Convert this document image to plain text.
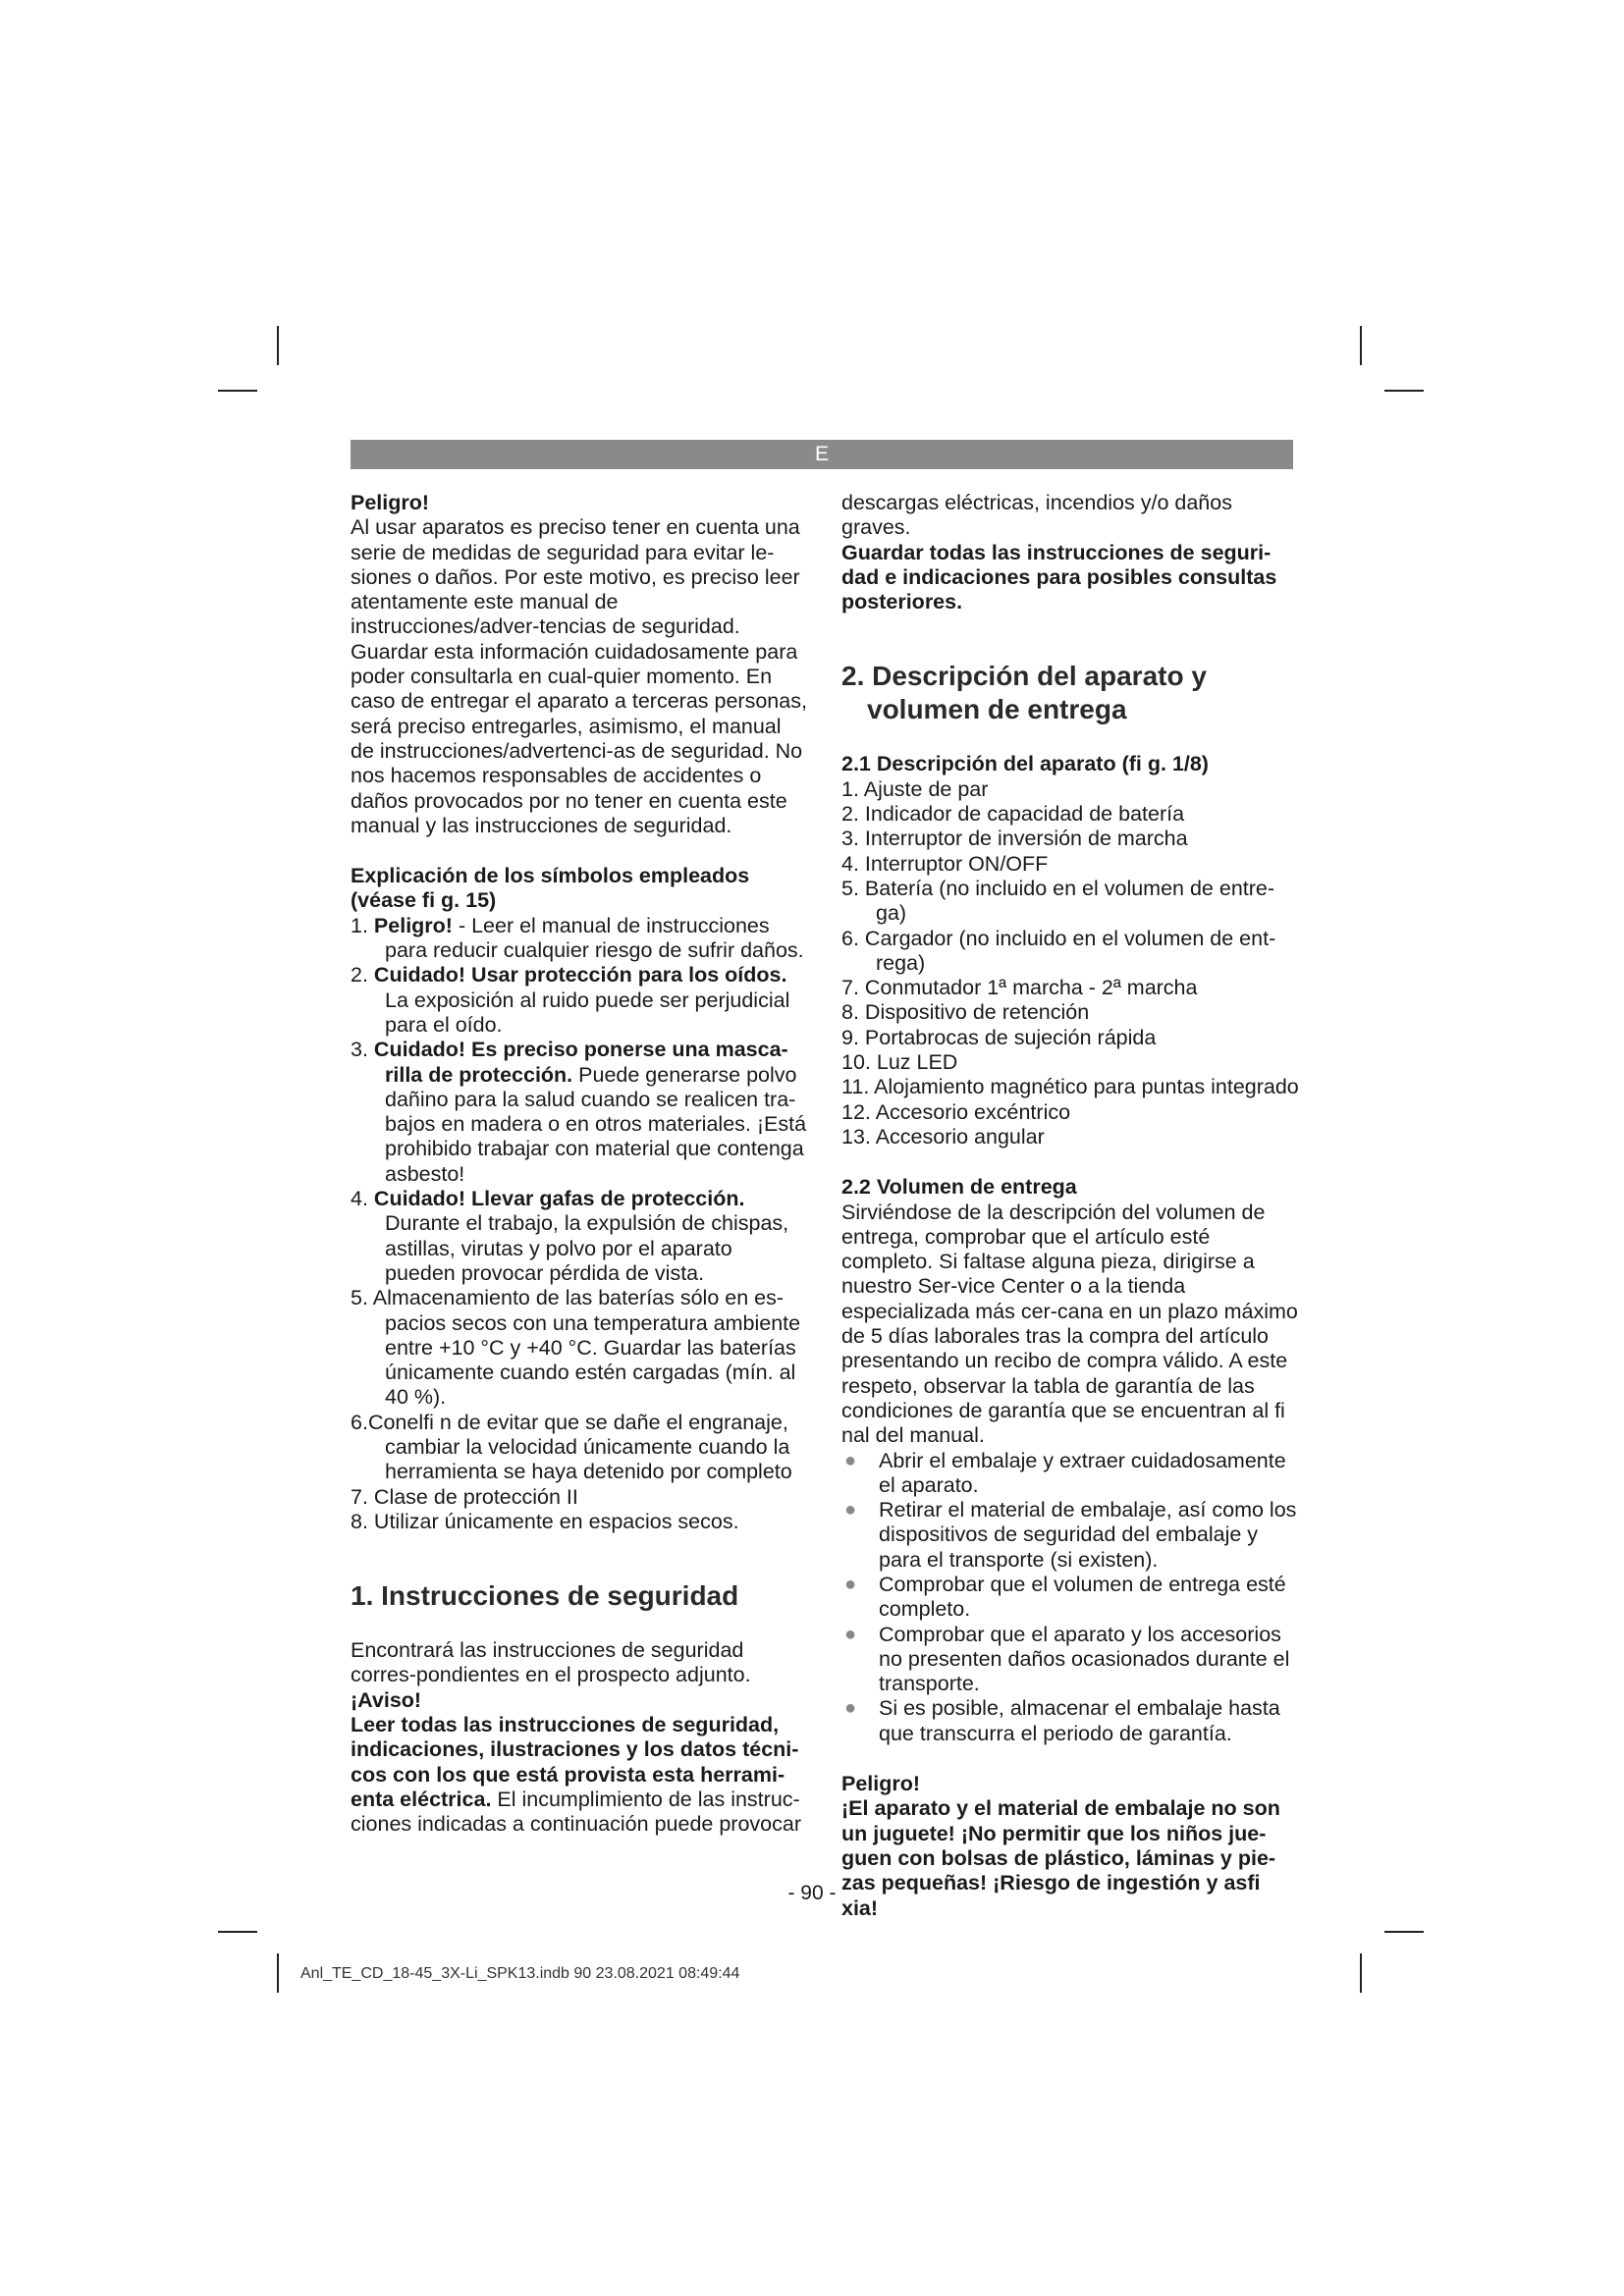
E

Peligro!

Al usar aparatos es preciso tener en cuenta una serie de medidas de seguridad para evitar le-siones o daños. Por este motivo, es preciso leer atentamente este manual de instrucciones/adver-tencias de seguridad. Guardar esta información cuidadosamente para poder consultarla en cual-quier momento. En caso de entregar el aparato a terceras personas, será preciso entregarles, asimismo, el manual de instrucciones/advertenci-as de seguridad. No nos hacemos responsables de accidentes o daños provocados por no tener en cuenta este manual y las instrucciones de seguridad.

Explicación de los símbolos empleados (véase fi g. 15)

1. Peligro! - Leer el manual de instrucciones para reducir cualquier riesgo de sufrir daños.
2. Cuidado! Usar protección para los oídos. La exposición al ruido puede ser perjudicial para el oído.
3. Cuidado! Es preciso ponerse una masca-rilla de protección. Puede generarse polvo dañino para la salud cuando se realicen tra-bajos en madera o en otros materiales. ¡Está prohibido trabajar con material que contenga asbesto!
4. Cuidado! Llevar gafas de protección. Durante el trabajo, la expulsión de chispas, astillas, virutas y polvo por el aparato pueden provocar pérdida de vista.
5. Almacenamiento de las baterías sólo en es-pacios secos con una temperatura ambiente entre +10 °C y +40 °C. Guardar las baterías únicamente cuando estén cargadas (mín. al 40 %).
6.Conelfi n de evitar que se dañe el engranaje, cambiar la velocidad únicamente cuando la herramienta se haya detenido por completo
7. Clase de protección II
8. Utilizar únicamente en espacios secos.
1. Instrucciones de seguridad

Encontrará las instrucciones de seguridad corres-pondientes en el prospecto adjunto.

¡Aviso!

Leer todas las instrucciones de seguridad, indicaciones, ilustraciones y los datos técni-cos con los que está provista esta herrami-enta eléctrica. El incumplimiento de las instruc-ciones indicadas a continuación puede provocar

descargas eléctricas, incendios y/o daños graves.

Guardar todas las instrucciones de seguri-dad e indicaciones para posibles consultas posteriores.

2. Descripción del aparato y volumen de entrega

2.1 Descripción del aparato (fi g. 1/8)

1. Ajuste de par
2. Indicador de capacidad de batería
3. Interruptor de inversión de marcha
4. Interruptor ON/OFF
5. Batería (no incluido en el volumen de entre-ga)
6. Cargador (no incluido en el volumen de ent-rega)
7. Conmutador 1ª marcha - 2ª marcha
8. Dispositivo de retención
9. Portabrocas de sujeción rápida
10. Luz LED
11. Alojamiento magnético para puntas integrado
12. Accesorio excéntrico
13. Accesorio angular

2.2 Volumen de entrega

Sirviéndose de la descripción del volumen de entrega, comprobar que el artículo esté completo. Si faltase alguna pieza, dirigirse a nuestro Ser-vice Center o a la tienda especializada más cer-cana en un plazo máximo de 5 días laborales tras la compra del artículo presentando un recibo de compra válido. A este respeto, observar la tabla de garantía de las condiciones de garantía que se encuentran al fi nal del manual.

● Abrir el embalaje y extraer cuidadosamente el aparato.
● Retirar el material de embalaje, así como los dispositivos de seguridad del embalaje y para el transporte (si existen).
● Comprobar que el volumen de entrega esté completo.
● Comprobar que el aparato y los accesorios no presenten daños ocasionados durante el transporte.
● Si es posible, almacenar el embalaje hasta que transcurra el periodo de garantía.

Peligro!

¡El aparato y el material de embalaje no son un juguete! ¡No permitir que los niños jue-guen con bolsas de plástico, láminas y pie-zas pequeñas! ¡Riesgo de ingestión y asfi xia!

- 90 -
Anl_TE_CD_18-45_3X-Li_SPK13.indb 90 23.08.2021 08:49:44
